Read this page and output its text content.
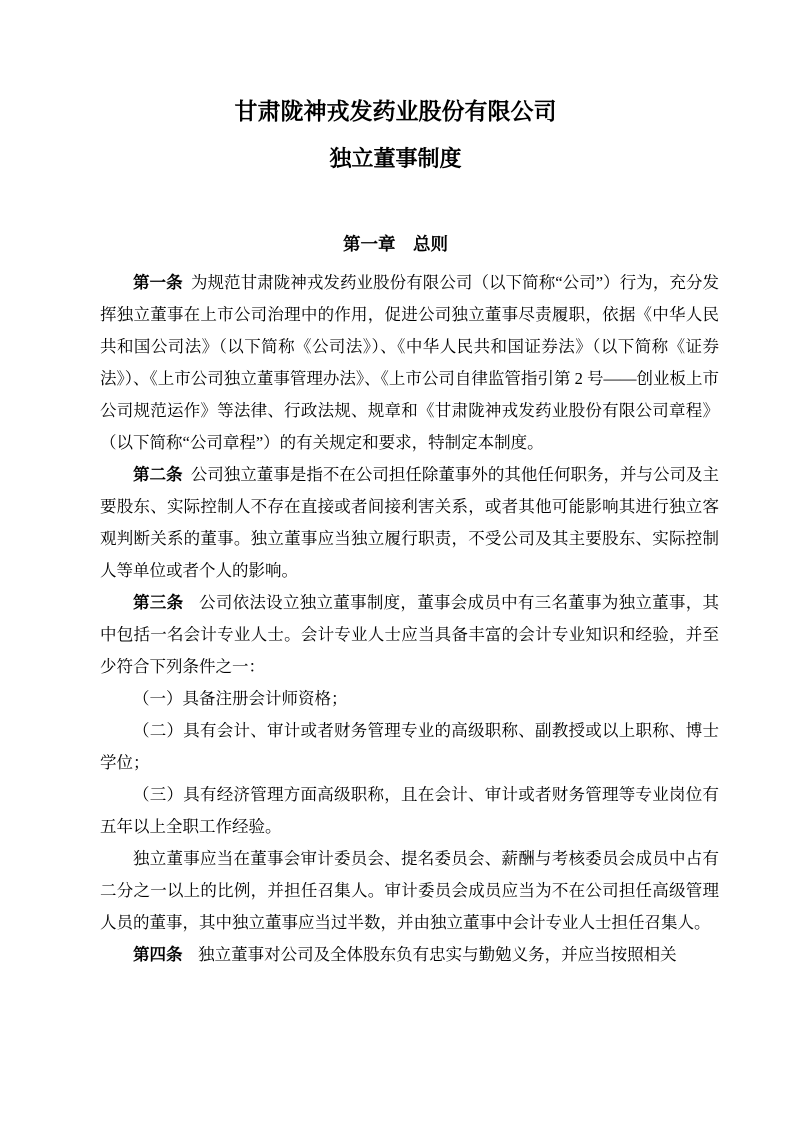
甘肃陇神戎发药业股份有限公司
独立董事制度
第一章　总则

第一条 为规范甘肃陇神戎发药业股份有限公司（以下简称“公司”）行为，充分发挥独立董事在上市公司治理中的作用，促进公司独立董事尽责履职，依据《中华人民共和国公司法》（以下简称《公司法》）、《中华人民共和国证券法》（以下简称《证券法》）、《上市公司独立董事管理办法》、《上市公司自律监管指引第 2 号——创业板上市公司规范运作》等法律、行政法规、规章和《甘肃陇神戎发药业股份有限公司章程》（以下简称“公司章程”）的有关规定和要求，特制定本制度。

第二条 公司独立董事是指不在公司担任除董事外的其他任何职务，并与公司及主要股东、实际控制人不存在直接或者间接利害关系，或者其他可能影响其进行独立客观判断关系的董事。独立董事应当独立履行职责，不受公司及其主要股东、实际控制人等单位或者个人的影响。

第三条 公司依法设立独立董事制度，董事会成员中有三名董事为独立董事，其中包括一名会计专业人士。会计专业人士应当具备丰富的会计专业知识和经验，并至少符合下列条件之一：

（一）具备注册会计师资格；

（二）具有会计、审计或者财务管理专业的高级职称、副教授或以上职称、博士学位；

（三）具有经济管理方面高级职称，且在会计、审计或者财务管理等专业岗位有五年以上全职工作经验。

独立董事应当在董事会审计委员会、提名委员会、薪酬与考核委员会成员中占有二分之一以上的比例，并担任召集人。审计委员会成员应当为不在公司担任高级管理人员的董事，其中独立董事应当过半数，并由独立董事中会计专业人士担任召集人。

第四条 独立董事对公司及全体股东负有忠实与勤勉义务，并应当按照相关
